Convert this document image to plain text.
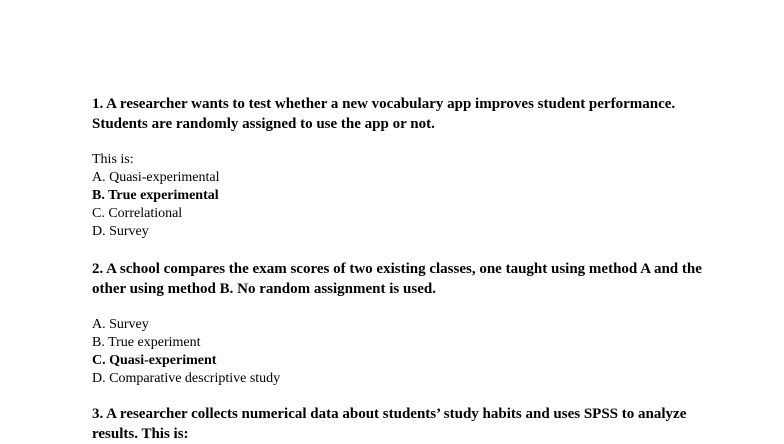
1. A researcher wants to test whether a new vocabulary app improves student performance. Students are randomly assigned to use the app or not.

This is:
A. Quasi-experimental
B. True experimental
C. Correlational
D. Survey

2. A school compares the exam scores of two existing classes, one taught using method A and the other using method B. No random assignment is used.

A. Survey
B. True experiment
C. Quasi-experiment
D. Comparative descriptive study

3. A researcher collects numerical data about students’ study habits and uses SPSS to analyze results. This is:
